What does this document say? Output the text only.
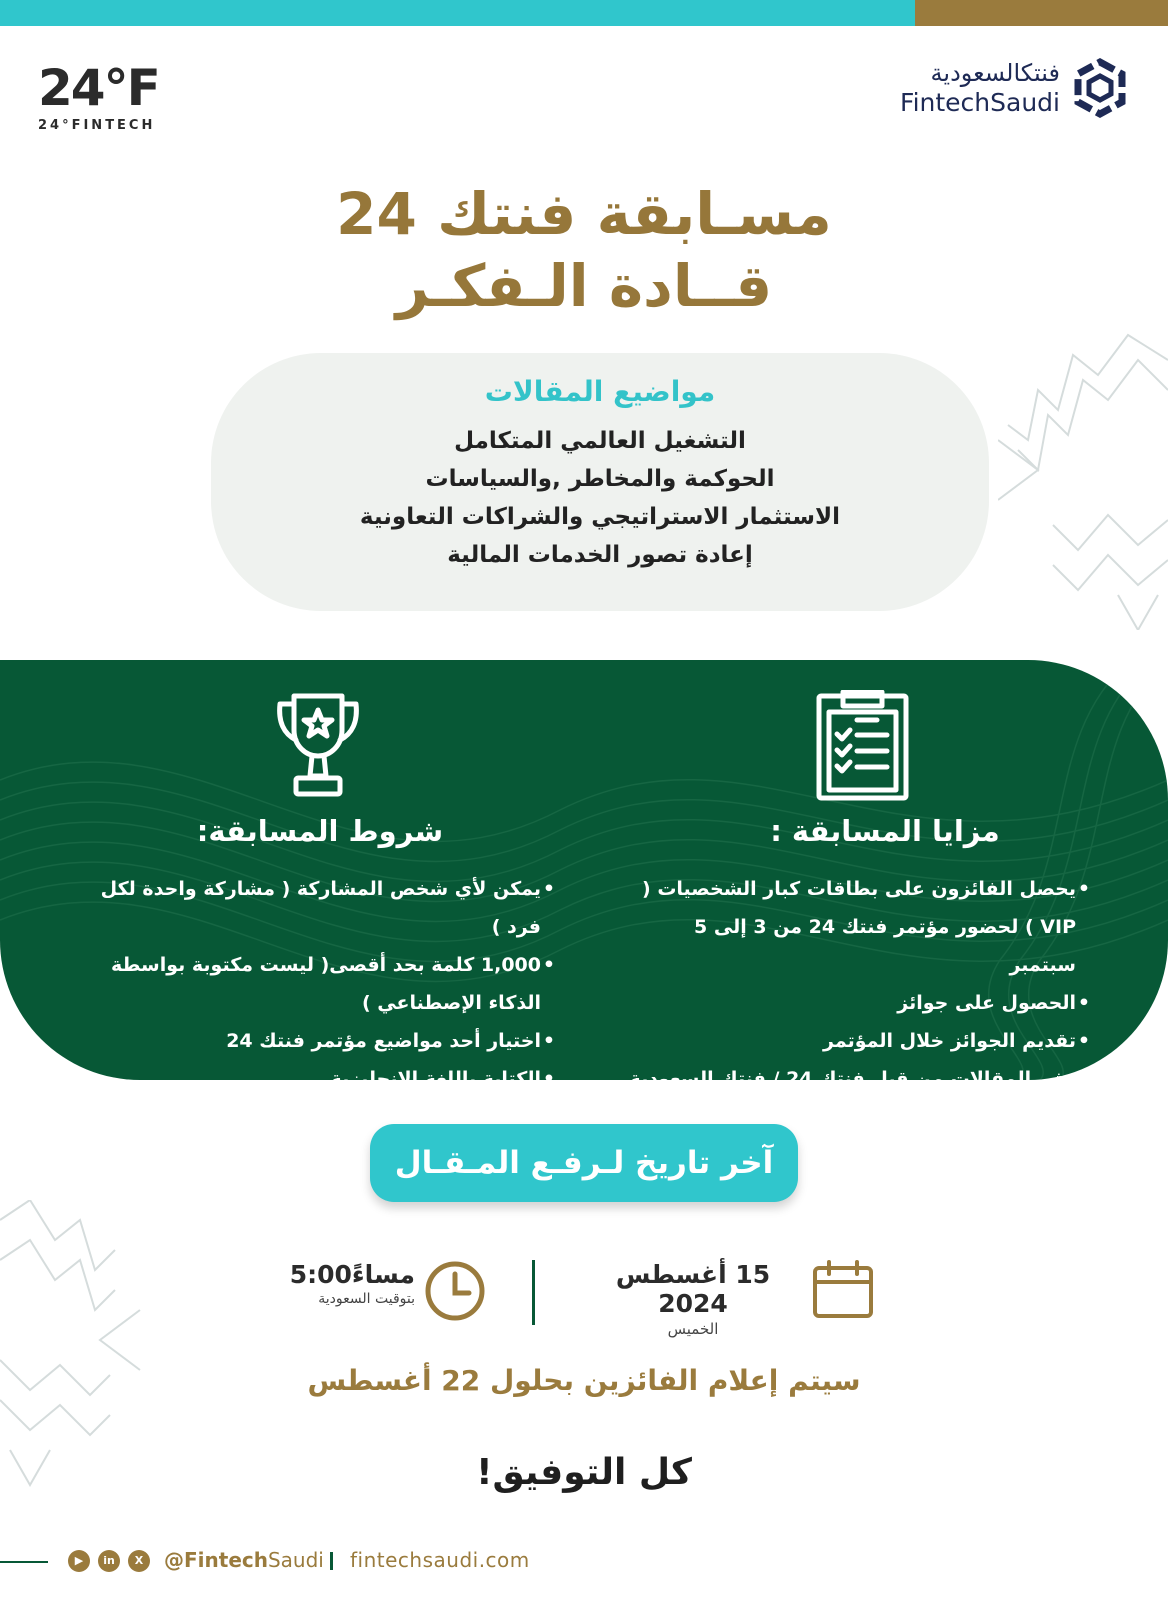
24°F
24°FINTECH
فنتكالسعودية
FintechSaudi
مسـابقة فنتك 24
قــادة الـفكـر
مواضيع المقالات
التشغيل العالمي المتكامل
الحوكمة والمخاطر ,والسياسات
الاستثمار الاستراتيجي والشراكات التعاونية
إعادة تصور الخدمات المالية
شروط المسابقة:	مزايا المسابقة :
• يمكن لأي شخص المشاركة ( مشاركة واحدة لكل فرد )
• 1,000 كلمة بحد أقصى( ليست مكتوبة بواسطة الذكاء الإصطناعي )
• اختيار أحد مواضيع مؤتمر فنتك 24
• الكتابة باللغة الإنجليزية
• يحصل الفائزون على بطاقات كبار الشخصيات ( VIP ) لحضور مؤتمر فنتك 24 من 3 إلى 5 سبتمبر
• الحصول على جوائز
• تقديم الجوائز خلال المؤتمر
• نشر المقالات من قبل فنتك 24 / فنتك السعودية
آخر تاريخ لـرفـع المـقـال
15 أغسطس 2024
الخميس
5:00مساءً
بتوقيت السعودية
سيتم إعلام الفائزين بحلول 22 أغسطس
كل التوفيق!
▶	in	X	@FintechSaudi fintechsaudi.com
